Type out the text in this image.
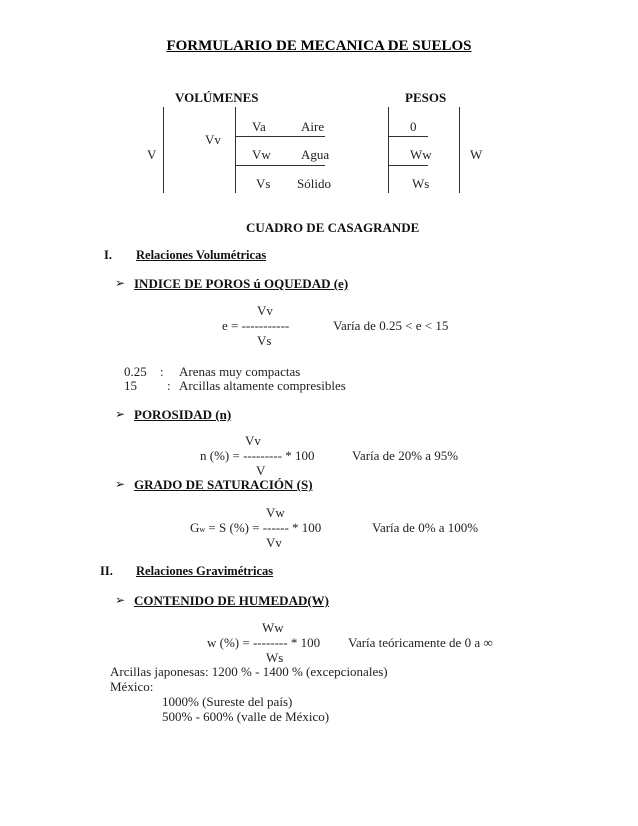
FORMULARIO DE MECANICA DE SUELOS
VOLÚMENES	PESOS
V
Vv
Va
Vw
Vs
Aire
Agua
Sólido
0
Ww
Ws
W
CUADRO DE CASAGRANDE
I. Relaciones Volumétricas
➢ INDICE DE POROS ú OQUEDAD (e)
Vv
e = -----------
Vs
Varía de 0.25 < e < 15
0.25 : Arenas muy compactas
15 : Arcillas altamente compresibles
➢ POROSIDAD (n)
Vv
n (%) = --------- * 100
V
Varía de 20% a 95%
➢ GRADO DE SATURACIÓN (S)
Vw
Gw = S (%) = ------ * 100
Vv
Varía de 0% a 100%
II. Relaciones Gravimétricas
➢ CONTENIDO DE HUMEDAD(W)
Ww
w (%) = -------- * 100
Ws
Varía teóricamente de 0 a ∞
Arcillas japonesas: 1200 % - 1400 % (excepcionales)
México:
1000% (Sureste del país)
500% - 600% (valle de México)
